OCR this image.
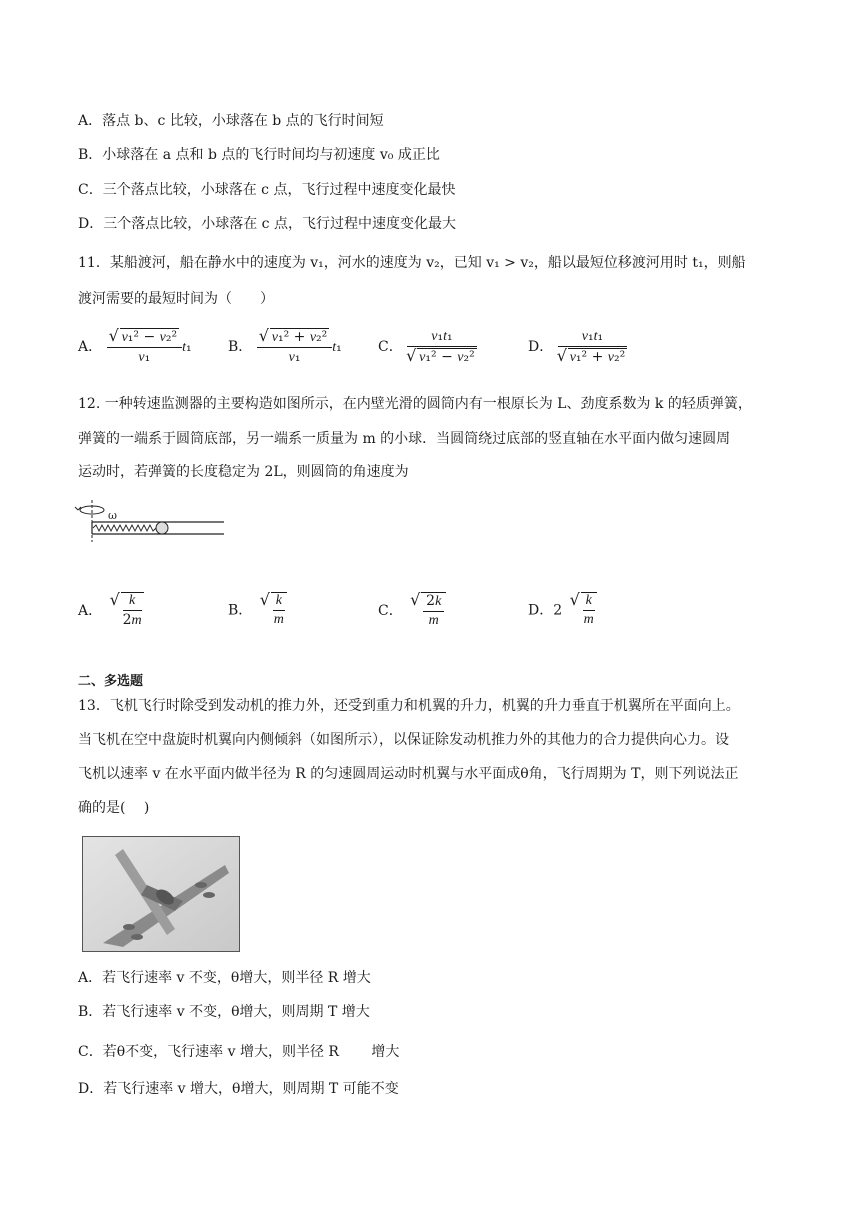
A．落点 b、c 比较，小球落在 b 点的飞行时间短
B．小球落在 a 点和 b 点的飞行时间均与初速度 v₀ 成正比
C．三个落点比较，小球落在 c 点，飞行过程中速度变化最快
D．三个落点比较，小球落在 c 点，飞行过程中速度变化最大
11．某船渡河，船在静水中的速度为 v₁，河水的速度为 v₂，已知 v₁ > v₂，船以最短位移渡河用时 t₁，则船
渡河需要的最短时间为（　　）
A． √ $\frac{\text{v₁² − v₂²}}{\text{v₁}} t_1$	B． √ $\frac{\text{v₁² + v₂²}}{\text{v₁}} t_1$	C． v₁t₁
√ v₁² − v₂²	D． v₁t₁
√ v₁² + v₂²
12. 一种转速监测器的主要构造如图所示，在内壁光滑的圆筒内有一根原长为 L、劲度系数为 k 的轻质弹簧，
弹簧的一端系于圆筒底部，另一端系一质量为 m 的小球．当圆筒绕过底部的竖直轴在水平面内做匀速圆周
运动时，若弹簧的长度稳定为 2L，则圆筒的角速度为
ω
A． √ $\frac{k}{2m}$	B． √ $\frac{k}{m}$	C． √ $\frac{2k}{m}$	D．2 √ $\frac{k}{m}$
二、多选题
13．飞机飞行时除受到发动机的推力外，还受到重力和机翼的升力，机翼的升力垂直于机翼所在平面向上。
当飞机在空中盘旋时机翼向内侧倾斜（如图所示），以保证除发动机推力外的其他力的合力提供向心力。设
飞机以速率 v 在水平面内做半径为 R 的匀速圆周运动时机翼与水平面成θ角，飞行周期为 T，则下列说法正
确的是(　 )
A．若飞行速率 v 不变，θ增大，则半径 R 增大
B．若飞行速率 v 不变，θ增大，则周期 T 增大
C．若θ不变，飞行速率 v 增大，则半径 R　　 增大
D．若飞行速率 v 增大，θ增大，则周期 T 可能不变
